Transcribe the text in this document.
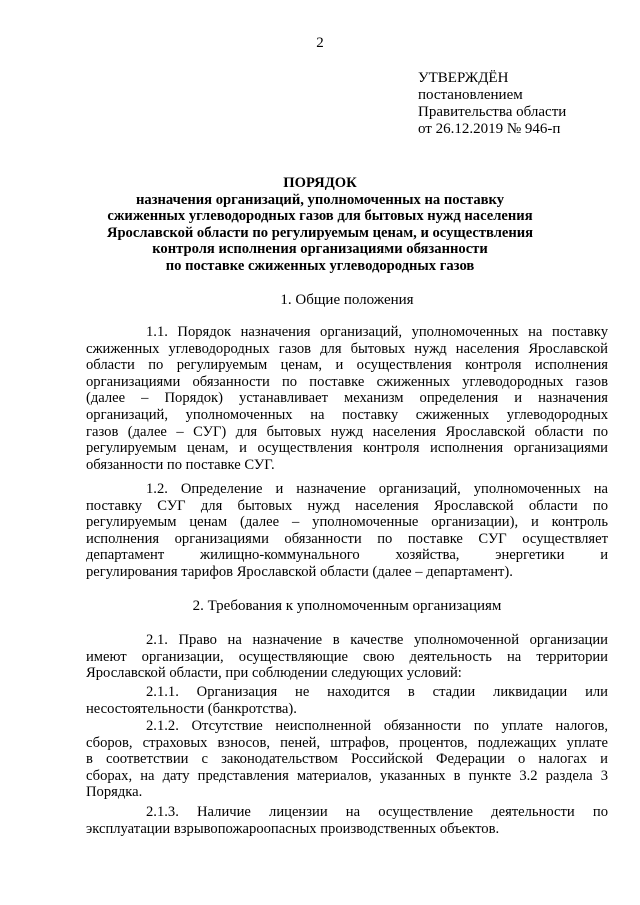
2
УТВЕРЖДЁН
постановлением
Правительства области
от 26.12.2019 № 946-п
ПОРЯДОК
назначения организаций, уполномоченных на поставку
сжиженных углеводородных газов для бытовых нужд населения
Ярославской области по регулируемым ценам, и осуществления
контроля исполнения организациями обязанности
по поставке сжиженных углеводородных газов
1. Общие положения
1.1. Порядок назначения организаций, уполномоченных на поставку
сжиженных углеводородных газов для бытовых нужд населения Ярославской
области по регулируемым ценам, и осуществления контроля исполнения
организациями обязанности по поставке сжиженных углеводородных газов
(далее – Порядок) устанавливает механизм определения и назначения
организаций, уполномоченных на поставку сжиженных углеводородных
газов (далее – СУГ) для бытовых нужд населения Ярославской области по
регулируемым ценам, и осуществления контроля исполнения организациями
обязанности по поставке СУГ.
1.2. Определение и назначение организаций, уполномоченных на
поставку СУГ для бытовых нужд населения Ярославской области по
регулируемым ценам (далее – уполномоченные организации), и контроль
исполнения организациями обязанности по поставке СУГ осуществляет
департамент жилищно-коммунального хозяйства, энергетики и
регулирования тарифов Ярославской области (далее – департамент).
2. Требования к уполномоченным организациям
2.1. Право на назначение в качестве уполномоченной организации
имеют организации, осуществляющие свою деятельность на территории
Ярославской области, при соблюдении следующих условий:
2.1.1. Организация не находится в стадии ликвидации или
несостоятельности (банкротства).
2.1.2. Отсутствие неисполненной обязанности по уплате налогов,
сборов, страховых взносов, пеней, штрафов, процентов, подлежащих уплате
в соответствии с законодательством Российской Федерации о налогах и
сборах, на дату представления материалов, указанных в пункте 3.2 раздела 3
Порядка.
2.1.3. Наличие лицензии на осуществление деятельности по
эксплуатации взрывопожароопасных производственных объектов.
